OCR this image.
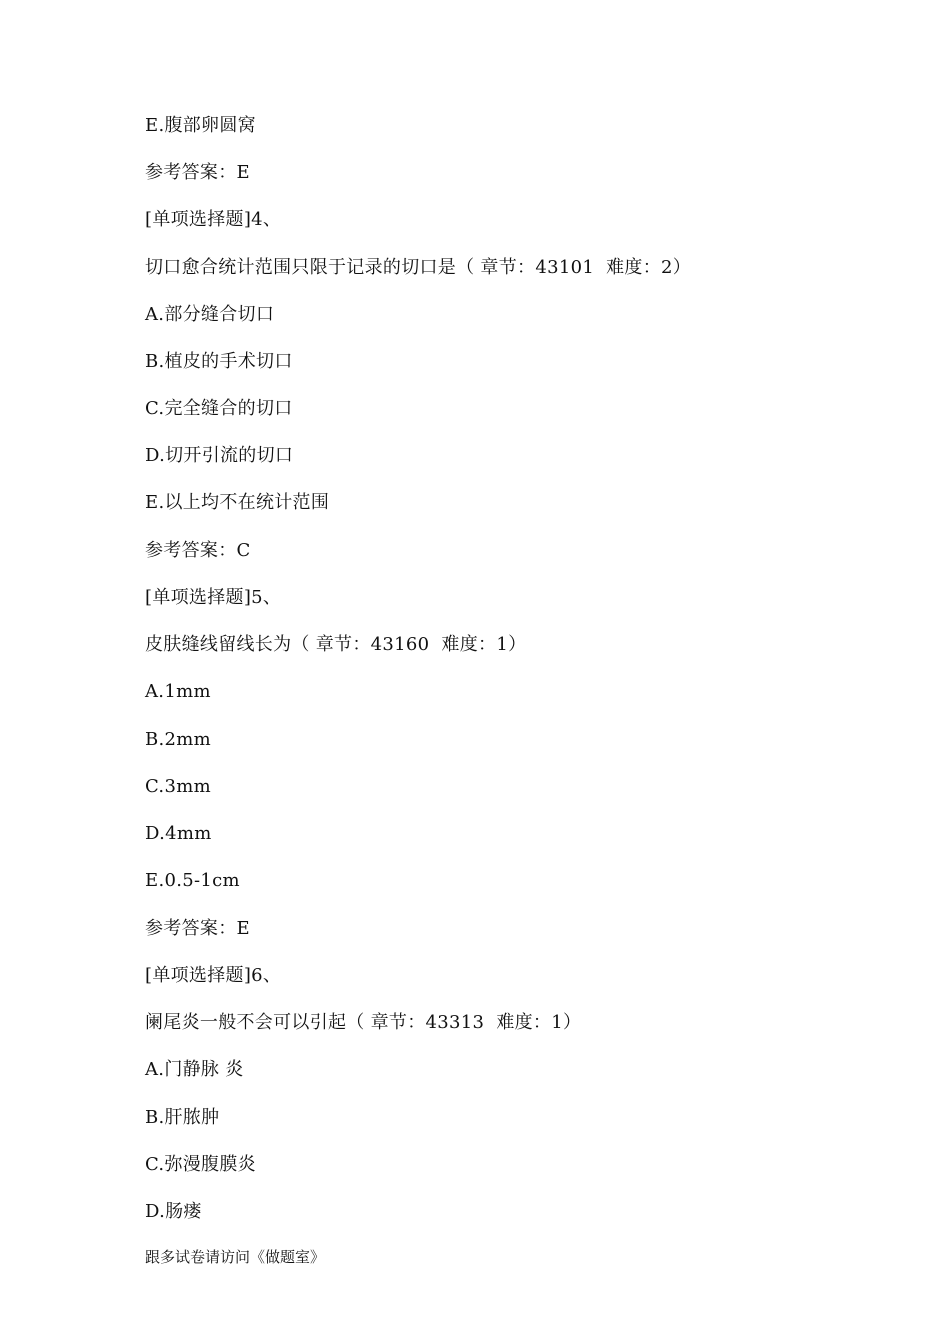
E.腹部卵圆窝
参考答案：E
[单项选择题]4、
切口愈合统计范围只限于记录的切口是（ 章节：43101  难度：2）
A.部分缝合切口
B.植皮的手术切口
C.完全缝合的切口
D.切开引流的切口
E.以上均不在统计范围
参考答案：C
[单项选择题]5、
皮肤缝线留线长为（ 章节：43160  难度：1）
A.1mm
B.2mm
C.3mm
D.4mm
E.0.5-1cm
参考答案：E
[单项选择题]6、
阑尾炎一般不会可以引起（ 章节：43313  难度：1）
A.门静脉 炎
B.肝脓肿
C.弥漫腹膜炎
D.肠瘘
跟多试卷请访问《做题室》
